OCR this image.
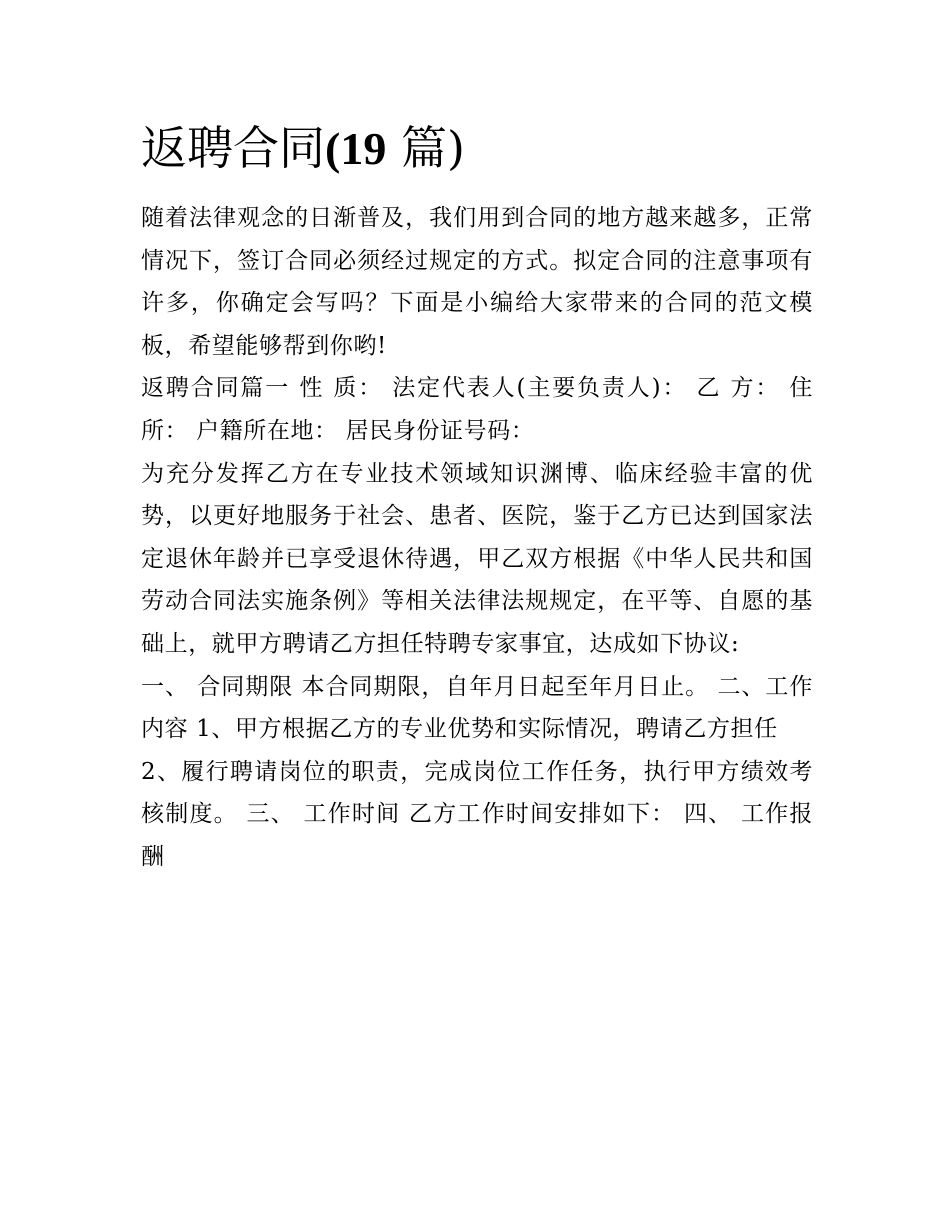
返聘合同(19 篇)

随着法律观念的日渐普及，我们用到合同的地方越来越多，正常情况下，签订合同必须经过规定的方式。拟定合同的注意事项有许多，你确定会写吗？下面是小编给大家带来的合同的范文模板，希望能够帮到你哟!

返聘合同篇一 性 质： 法定代表人(主要负责人)： 乙 方： 住所： 户籍所在地： 居民身份证号码：

为充分发挥乙方在专业技术领域知识渊博、临床经验丰富的优势，以更好地服务于社会、患者、医院，鉴于乙方已达到国家法定退休年龄并已享受退休待遇，甲乙双方根据《中华人民共和国劳动合同法实施条例》等相关法律法规规定，在平等、自愿的基础上，就甲方聘请乙方担任特聘专家事宜，达成如下协议:

一、 合同期限 本合同期限，自年月日起至年月日止。 二、工作内容 1、甲方根据乙方的专业优势和实际情况，聘请乙方担任

2、履行聘请岗位的职责，完成岗位工作任务，执行甲方绩效考核制度。 三、 工作时间 乙方工作时间安排如下： 四、 工作报酬
